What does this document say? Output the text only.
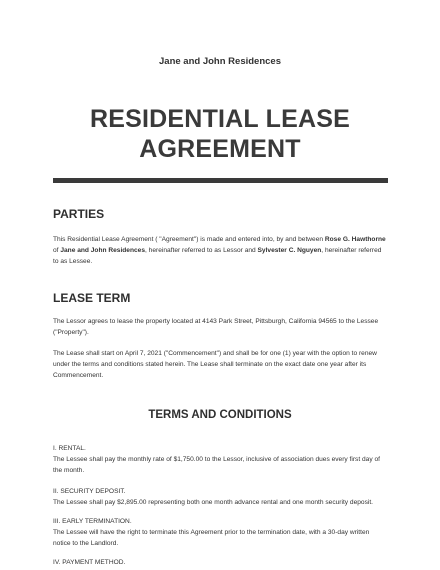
Jane and John Residences
RESIDENTIAL LEASE
AGREEMENT
PARTIES
This Residential Lease Agreement ( "Agreement") is made and entered into, by and between Rose G. Hawthorne of Jane and John Residences, hereinafter referred to as Lessor and Sylvester C. Nguyen, hereinafter referred to as Lessee.
LEASE TERM
The Lessor agrees to lease the property located at 4143 Park Street, Pittsburgh, California 94565 to the Lessee ("Property").
The Lease shall start on April 7, 2021 ("Commencement") and shall be for one (1) year with the option to renew under the terms and conditions stated herein. The Lease shall terminate on the exact date one year after its Commencement.
TERMS AND CONDITIONS
I. RENTAL.
The Lessee shall pay the monthly rate of $1,750.00 to the Lessor, inclusive of association dues every first day of the month.
II. SECURITY DEPOSIT.
The Lessee shall pay $2,895.00 representing both one month advance rental and one month security deposit.
III. EARLY TERMINATION.
The Lessee will have the right to terminate this Agreement prior to the termination date, with a 30-day written notice to the Landlord.
IV. PAYMENT METHOD.
